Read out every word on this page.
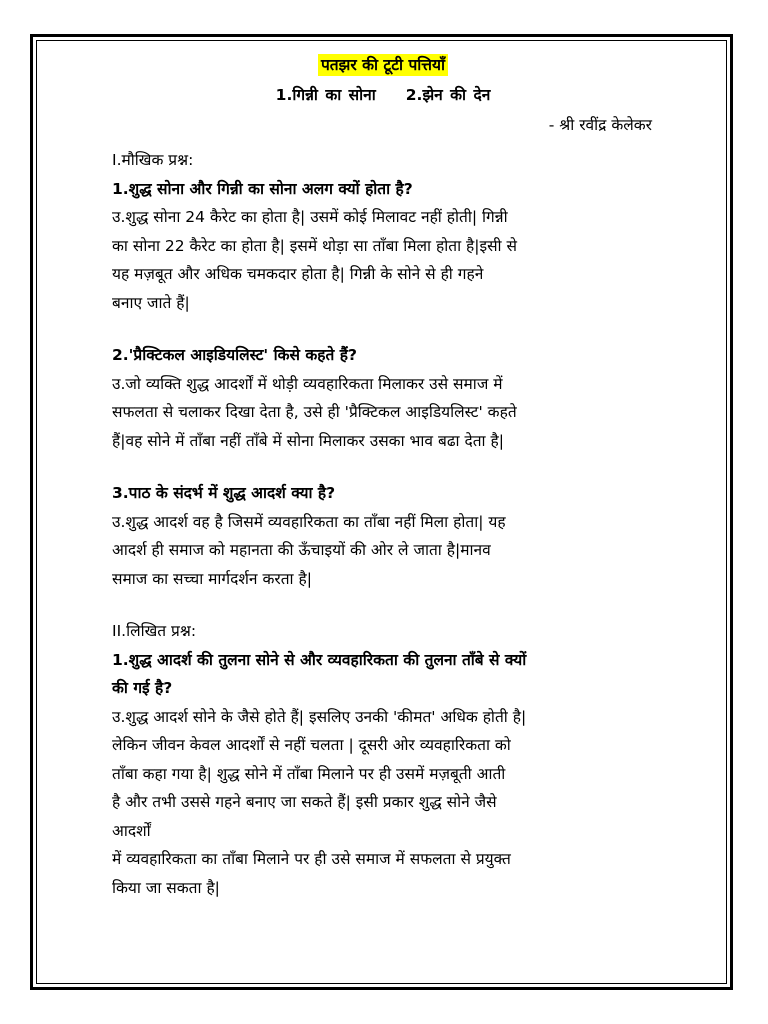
पतझर की टूटी पत्तियाँ
1.गिन्नी का सोना 2.झेन की देन
- श्री रवींद्र केलेकर
I.मौखिक प्रश्न:
1.शुद्ध सोना और गिन्नी का सोना अलग क्यों होता है?
उ.शुद्ध सोना 24 कैरेट का होता है| उसमें कोई मिलावट नहीं होती| गिन्नी
का सोना 22 कैरेट का होता है| इसमें थोड़ा सा ताँबा मिला होता है|इसी से
यह मज़बूत और अधिक चमकदार होता है| गिन्नी के सोने से ही गहने
बनाए जाते हैं|
2.'प्रैक्टिकल आइडियलिस्ट' किसे कहते हैं?
उ.जो व्यक्ति शुद्ध आदर्शों में थोड़ी व्यवहारिकता मिलाकर उसे समाज में
सफलता से चलाकर दिखा देता है, उसे ही 'प्रैक्टिकल आइडियलिस्ट' कहते
हैं|वह सोने में ताँबा नहीं ताँबे में सोना मिलाकर उसका भाव बढा देता है|
3.पाठ के संदर्भ में शुद्ध आदर्श क्या है?
उ.शुद्ध आदर्श वह है जिसमें व्यवहारिकता का ताँबा नहीं मिला होता| यह
आदर्श ही समाज को महानता की ऊँचाइयों की ओर ले जाता है|मानव
समाज का सच्चा मार्गदर्शन करता है|
II.लिखित प्रश्न:
1.शुद्ध आदर्श की तुलना सोने से और व्यवहारिकता की तुलना ताँबे से क्यों
की गई है?
उ.शुद्ध आदर्श सोने के जैसे होते हैं| इसलिए उनकी 'कीमत' अधिक होती है|
लेकिन जीवन केवल आदर्शों से नहीं चलता | दूसरी ओर व्यवहारिकता को
ताँबा कहा गया है| शुद्ध सोने में ताँबा मिलाने पर ही उसमें मज़बूती आती
है और तभी उससे गहने बनाए जा सकते हैं| इसी प्रकार शुद्ध सोने जैसे
आदर्शों
में व्यवहारिकता का ताँबा मिलाने पर ही उसे समाज में सफलता से प्रयुक्त
किया जा सकता है|
